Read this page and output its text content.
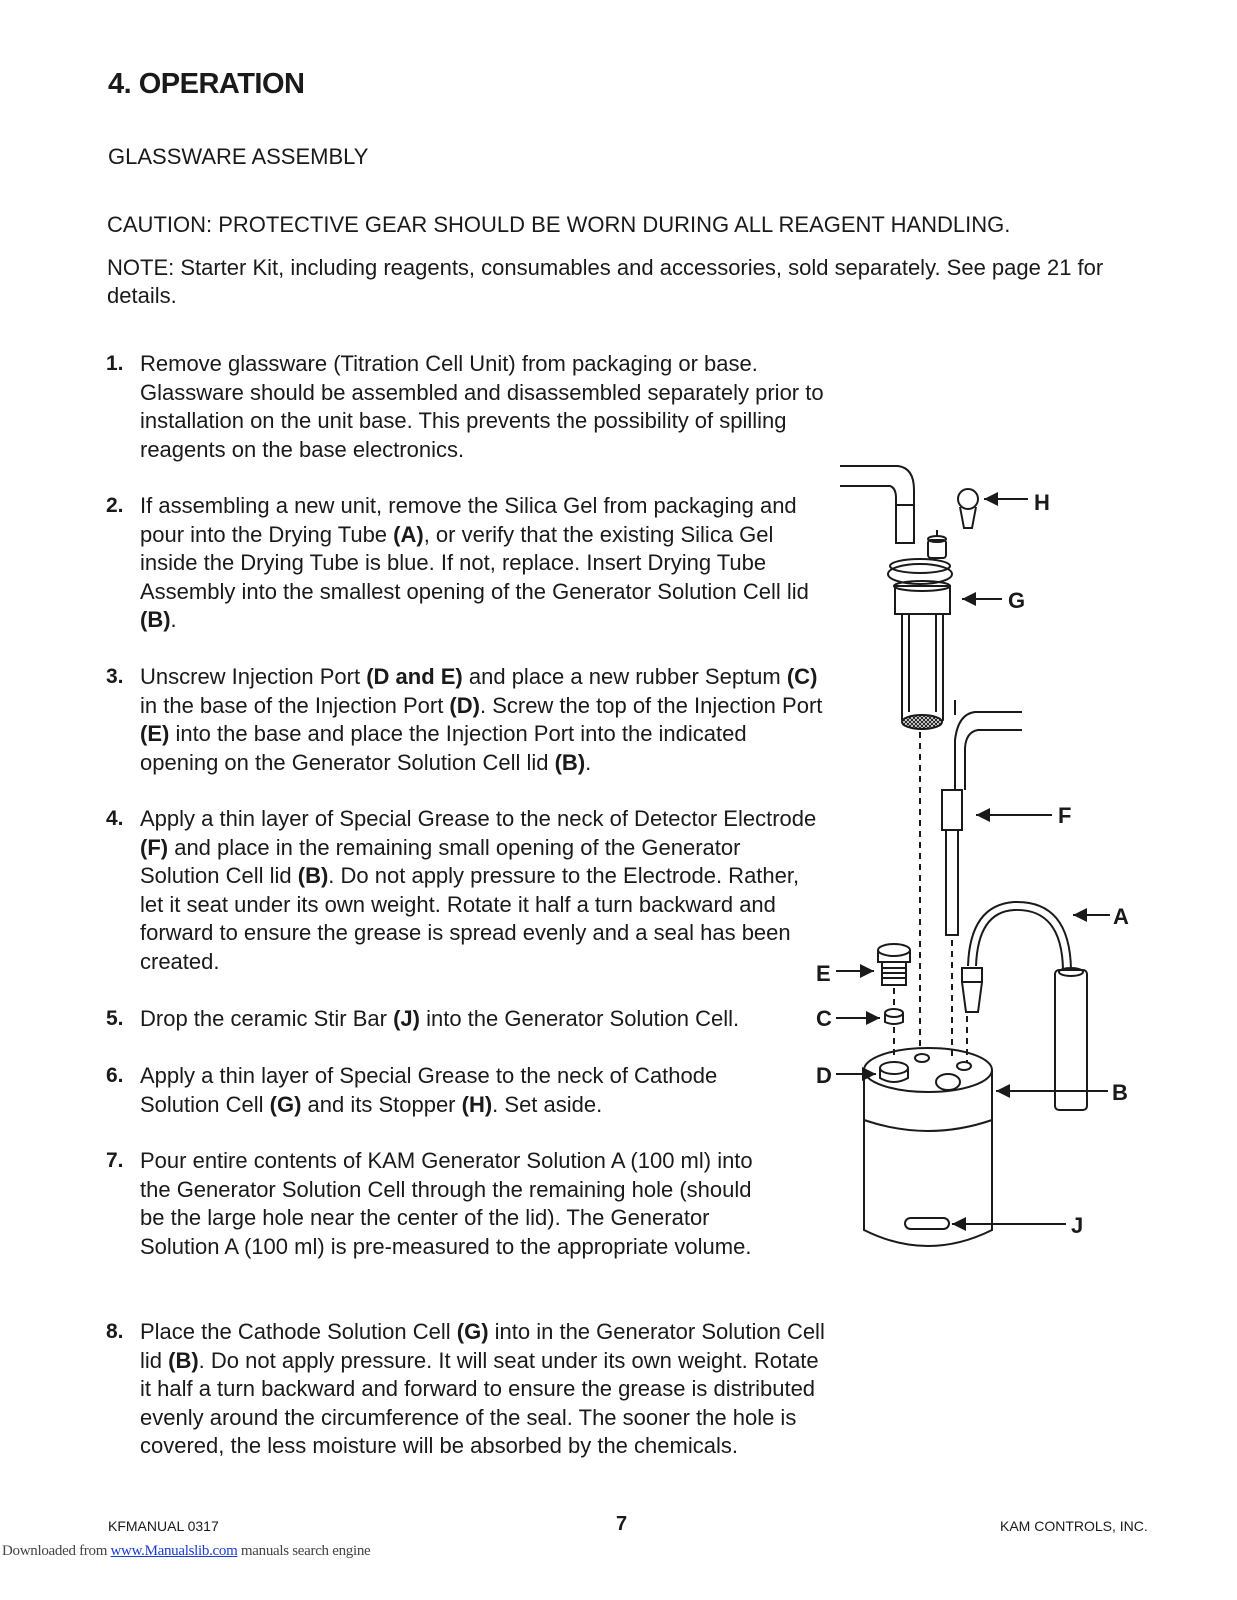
4. OPERATION
GLASSWARE ASSEMBLY
CAUTION: PROTECTIVE GEAR SHOULD BE WORN DURING ALL REAGENT HANDLING.
NOTE: Starter Kit, including reagents, consumables and accessories, sold separately. See page 21 for details.
1. Remove glassware (Titration Cell Unit) from packaging or base. Glassware should be assembled and disassembled separately prior to installation on the unit base. This prevents the possibility of spilling reagents on the base electronics.
2. If assembling a new unit, remove the Silica Gel from packaging and pour into the Drying Tube (A), or verify that the existing Silica Gel inside the Drying Tube is blue. If not, replace. Insert Drying Tube Assembly into the smallest opening of the Generator Solution Cell lid (B).
3. Unscrew Injection Port (D and E) and place a new rubber Septum (C) in the base of the Injection Port (D). Screw the top of the Injection Port (E) into the base and place the Injection Port into the indicated opening on the Generator Solution Cell lid (B).
4. Apply a thin layer of Special Grease to the neck of Detector Electrode (F) and place in the remaining small opening of the Generator Solution Cell lid (B). Do not apply pressure to the Electrode. Rather, let it seat under its own weight. Rotate it half a turn backward and forward to ensure the grease is spread evenly and a seal has been created.
5. Drop the ceramic Stir Bar (J) into the Generator Solution Cell.
6. Apply a thin layer of Special Grease to the neck of Cathode Solution Cell (G) and its Stopper (H). Set aside.
7. Pour entire contents of KAM Generator Solution A (100 ml) into the Generator Solution Cell through the remaining hole (should be the large hole near the center of the lid). The Generator Solution A (100 ml) is pre-measured to the appropriate volume.
8. Place the Cathode Solution Cell (G) into in the Generator Solution Cell lid (B). Do not apply pressure. It will seat under its own weight. Rotate it half a turn backward and forward to ensure the grease is distributed evenly around the circumference of the seal. The sooner the hole is covered, the less moisture will be absorbed by the chemicals.
H
G
F
A
E
C
D
B
J
KFMANUAL 0317	7	KAM CONTROLS, INC.
Downloaded from www.Manualslib.com manuals search engine
